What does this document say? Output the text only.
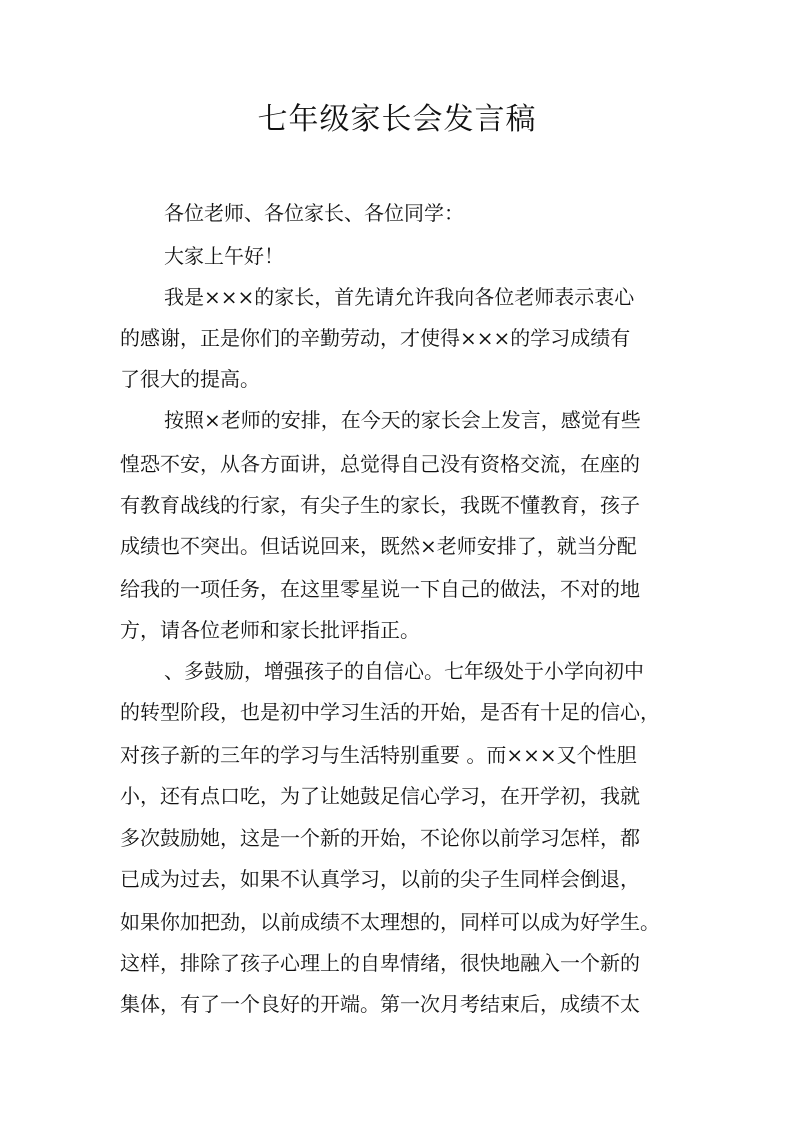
七年级家长会发言稿

各位老师、各位家长、各位同学：

大家上午好！

我是×××的家长，首先请允许我向各位老师表示衷心

的感谢，正是你们的辛勤劳动，才使得×××的学习成绩有

了很大的提高。

按照×老师的安排，在今天的家长会上发言，感觉有些

惶恐不安，从各方面讲，总觉得自己没有资格交流，在座的

有教育战线的行家，有尖子生的家长，我既不懂教育，孩子

成绩也不突出。但话说回来，既然×老师安排了，就当分配

给我的一项任务，在这里零星说一下自己的做法，不对的地

方，请各位老师和家长批评指正。

、多鼓励，增强孩子的自信心。七年级处于小学向初中

的转型阶段，也是初中学习生活的开始，是否有十足的信心，

对孩子新的三年的学习与生活特别重要 。而×××又个性胆

小，还有点口吃，为了让她鼓足信心学习，在开学初，我就

多次鼓励她，这是一个新的开始，不论你以前学习怎样，都

已成为过去，如果不认真学习，以前的尖子生同样会倒退，

如果你加把劲，以前成绩不太理想的，同样可以成为好学生。

这样，排除了孩子心理上的自卑情绪，很快地融入一个新的

集体，有了一个良好的开端。第一次月考结束后，成绩不太
